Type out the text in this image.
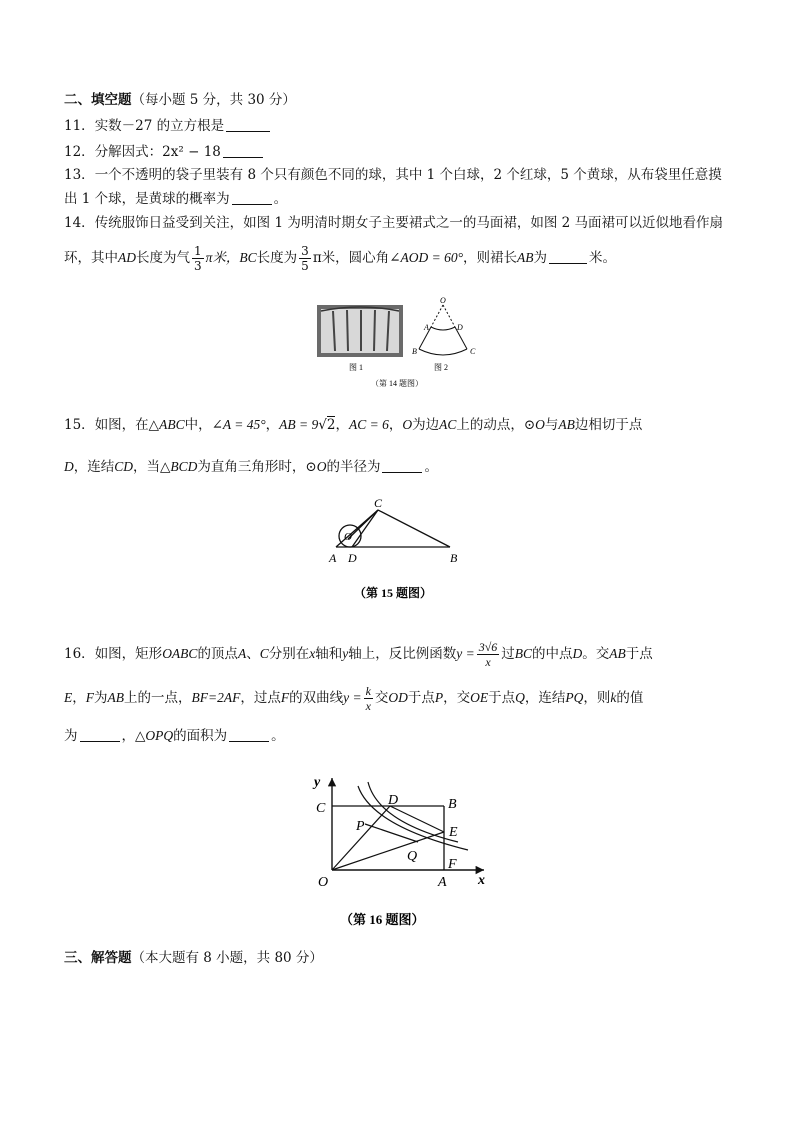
二、填空题（每小题 5 分，共 30 分）
11．实数－27 的立方根是
12．分解因式：2x² − 18
13．一个不透明的袋子里装有 8 个只有颜色不同的球，其中 1 个白球，2 个红球，5 个黄球，从布袋里任意摸
出 1 个球，是黄球的概率为	。
14．传统服饰日益受到关注，如图 1 为明清时期女子主要裙式之一的马面裙，如图 2 马面裙可以近似地看作扇
环，其中AD长度为气 $\frac{1}{3}$ π米，BC长度为 $\frac{3}{5}$ π米，圆心角∠AOD = 60°，则裙长AB为	米。
O
A	D
B	C
图 1	图 2
（第 14 题图）
15．如图，在△ABC中，∠A = 45°，AB = 9√2，AC = 6，O为边AC上的动点，⊙O与AB边相切于点
D，连结CD，当△BCD为直角三角形时，⊙O的半径为	。
C
O
A D	B
（第 15 题图）
16．如图，矩形OABC的顶点A、C分别在x轴和y轴上，反比例函数$y = \frac{3√6}{x}$ 过BC的中点D。交AB于点
E，F为AB上的一点，BF=2AF，过点F的双曲线$y = \frac{k}{x}$ 交OD于点P，交OE于点Q，连结PQ，则k的值
为	，△OPQ的面积为	。
y
x
C
D	B
P	E
Q
F
O	A
（第 16 题图）
三、解答题（本大题有 8 小题，共 80 分）
